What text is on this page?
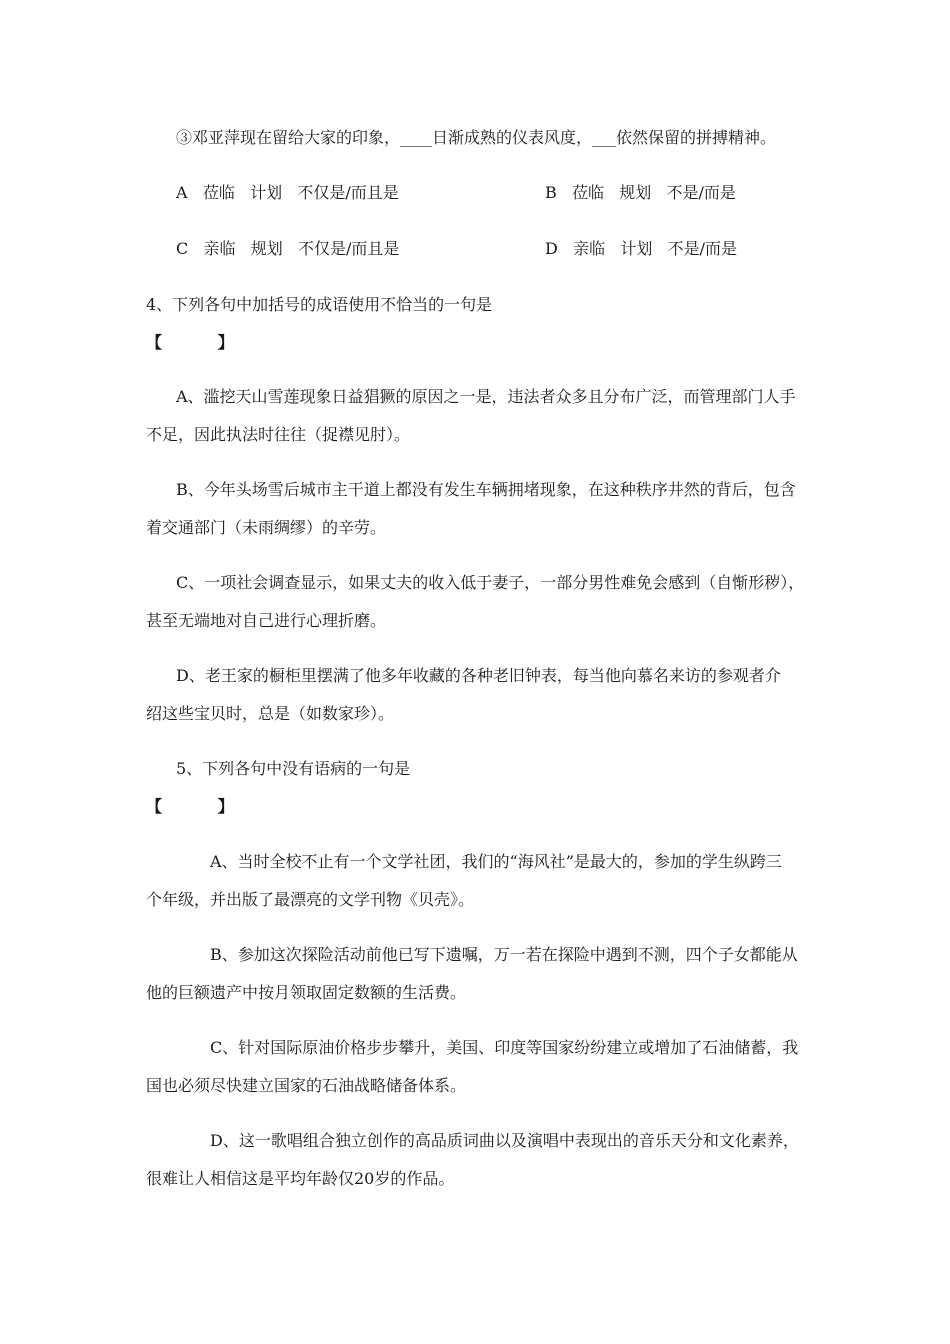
③邓亚萍现在留给大家的印象，____日渐成熟的仪表风度，___依然保留的拼搏精神。
A   莅临   计划   不仅是/而且是	B   莅临   规划   不是/而是
C   亲临   规划   不仅是/而且是	D   亲临   计划   不是/而是
4、下列各句中加括号的成语使用不恰当的一句是
【          】
A、滥挖天山雪莲现象日益猖獗的原因之一是，违法者众多且分布广泛，而管理部门人手
不足，因此执法时往往（捉襟见肘）。
B、今年头场雪后城市主干道上都没有发生车辆拥堵现象，在这种秩序井然的背后，包含
着交通部门（未雨绸缪）的辛劳。
C、一项社会调查显示，如果丈夫的收入低于妻子，一部分男性难免会感到（自惭形秽），
甚至无端地对自己进行心理折磨。
D、老王家的橱柜里摆满了他多年收藏的各种老旧钟表，每当他向慕名来访的参观者介
绍这些宝贝时，总是（如数家珍）。
5、下列各句中没有语病的一句是
【          】
A、当时全校不止有一个文学社团，我们的“海风社”是最大的，参加的学生纵跨三
个年级，并出版了最漂亮的文学刊物《贝壳》。
B、参加这次探险活动前他已写下遗嘱，万一若在探险中遇到不测，四个子女都能从
他的巨额遗产中按月领取固定数额的生活费。
C、针对国际原油价格步步攀升，美国、印度等国家纷纷建立或增加了石油储蓄，我
国也必须尽快建立国家的石油战略储备体系。
D、这一歌唱组合独立创作的高品质词曲以及演唱中表现出的音乐天分和文化素养，
很难让人相信这是平均年龄仅20岁的作品。
